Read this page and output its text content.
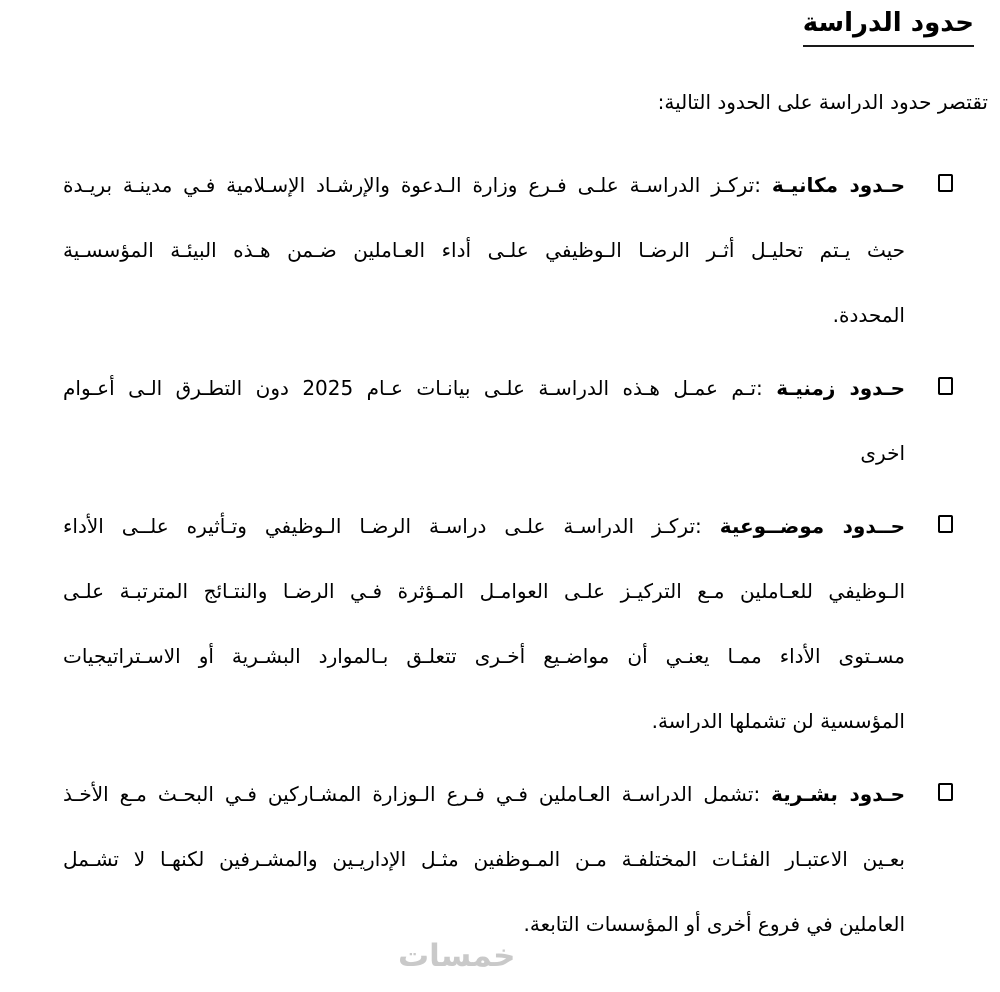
حدود الدراسة

تقتصر حدود الدراسة على الحدود التالية:

حـدود مكانيـة :تركـز الدراسـة علـى فـرع وزارة الـدعوة والإرشـاد الإسـلامية فـي مدينـة بريـدة
حيث يـتم تحليـل أثـر الرضـا الـوظيفي علـى أداء العـاملين ضـمن هـذه البيئـة المؤسسـية
المحددة.
حـدود زمنيـة :تـم عمـل هـذه الدراسـة علـى بيانـات عـام 2025 دون التطـرق الـى أعـوام
اخرى
حــدود موضــوعية :تركـز الدراسـة علـى دراسـة الرضـا الـوظيفي وتـأثيره علــى الأداء
الـوظيفي للعـاملين مـع التركيـز علـى العوامـل المـؤثرة فـي الرضـا والنتـائج المترتبـة علـى
مسـتوى الأداء ممـا يعنـي أن مواضـيع أخـرى تتعلـق بـالموارد البشـرية أو الاسـتراتيجيات
المؤسسية لن تشملها الدراسة.
حـدود بشـرية :تشمل الدراسـة العـاملين فـي فـرع الـوزارة المشـاركين فـي البحـث مـع الأخـذ
بعـين الاعتبـار الفئـات المختلفـة مـن المـوظفين مثـل الإداريـين والمشـرفين لكنهـا لا تشـمل
العاملين في فروع أخرى أو المؤسسات التابعة.
خمسات
